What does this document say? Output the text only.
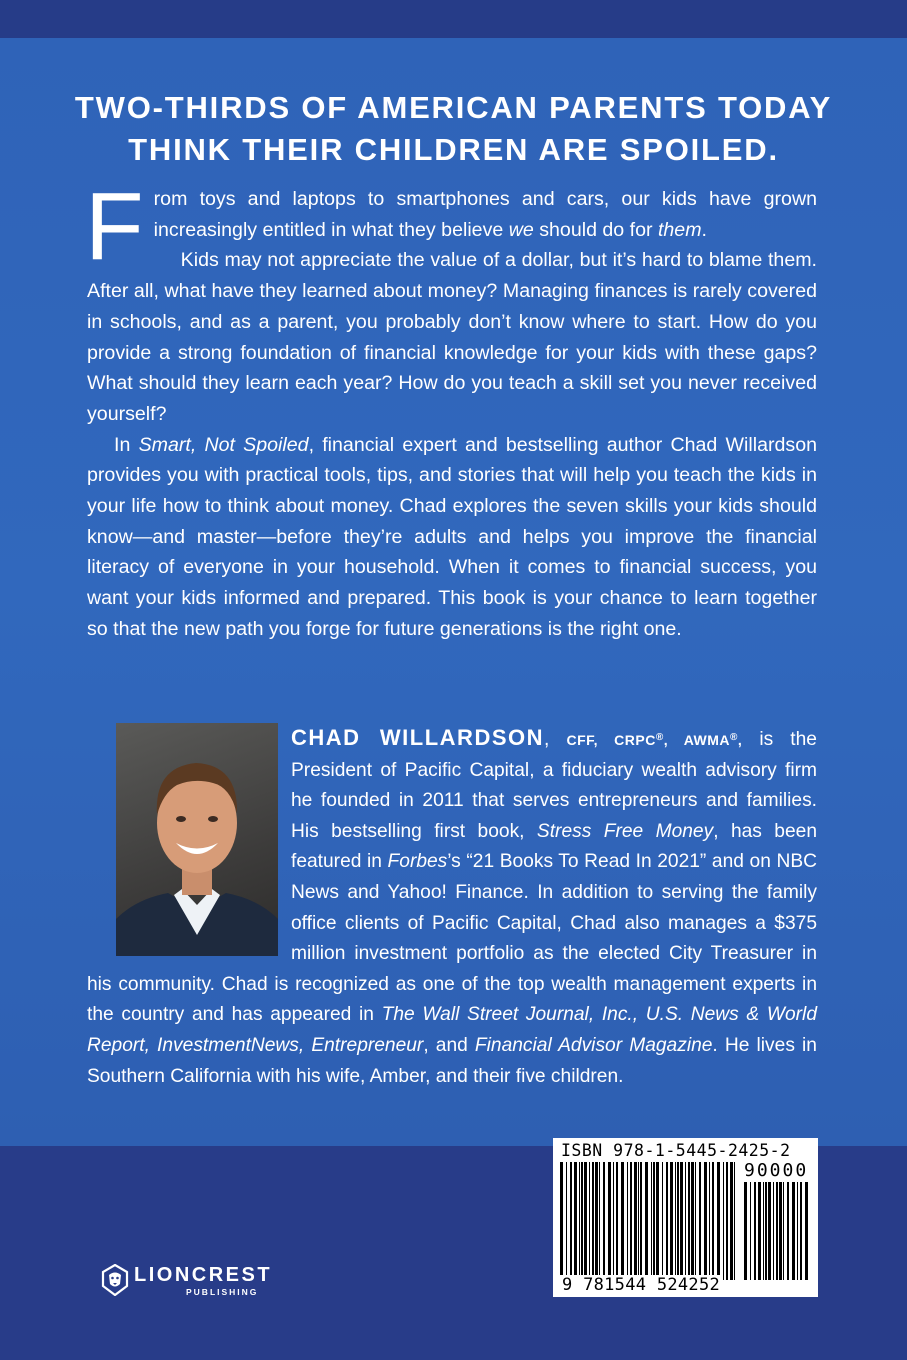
TWO-THIRDS OF AMERICAN PARENTS TODAY
THINK THEIR CHILDREN ARE SPOILED.

From toys and laptops to smartphones and cars, our kids have grown increasingly entitled in what they believe we should do for them.

Kids may not appreciate the value of a dollar, but it’s hard to blame them. After all, what have they learned about money? Managing finances is rarely covered in schools, and as a parent, you probably don’t know where to start. How do you provide a strong foundation of financial knowledge for your kids with these gaps? What should they learn each year? How do you teach a skill set you never received yourself?

In Smart, Not Spoiled, financial expert and bestselling author Chad Willardson provides you with practical tools, tips, and stories that will help you teach the kids in your life how to think about money. Chad explores the seven skills your kids should know—and master—before they’re adults and helps you improve the financial literacy of everyone in your household. When it comes to financial success, you want your kids informed and prepared. This book is your chance to learn together so that the new path you forge for future generations is the right one.

CHAD WILLARDSON, CFF, CRPC®, AWMA®, is the President of Pacific Capital, a fiduciary wealth advisory firm he founded in 2011 that serves entrepreneurs and families. His bestselling first book, Stress Free Money, has been featured in Forbes’s “21 Books To Read In 2021” and on NBC News and Yahoo! Finance. In addition to serving the family office clients of Pacific Capital, Chad also manages a $375 million investment portfolio as the elected City Treasurer in his community. Chad is recognized as one of the top wealth management experts in the country and has appeared in The Wall Street Journal, Inc., U.S. News & World Report, InvestmentNews, Entrepreneur, and Financial Advisor Magazine. He lives in Southern California with his wife, Amber, and their five children.

LIONCREST
PUBLISHING
ISBN 978-1-5445-2425-2
90000
9 781544 524252
